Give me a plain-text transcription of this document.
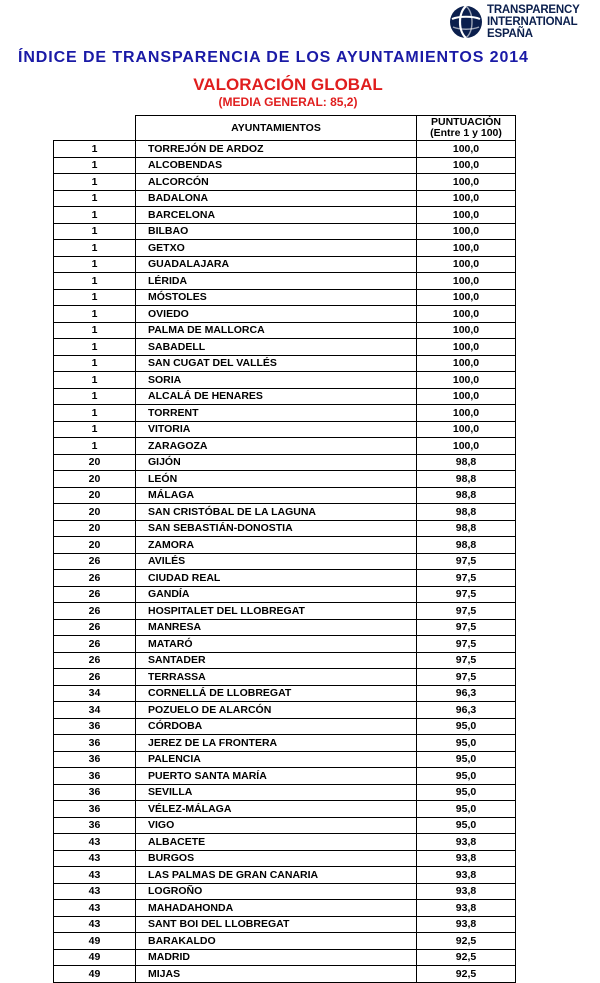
TRANSPARENCY
INTERNATIONAL
ESPAÑA
ÍNDICE DE TRANSPARENCIA DE LOS AYUNTAMIENTOS 2014
VALORACIÓN GLOBAL
(MEDIA GENERAL: 85,2)
	AYUNTAMIENTOS	PUNTUACIÓN
(Entre 1 y 100)

1	TORREJÓN DE ARDOZ	100,0
1	ALCOBENDAS	100,0
1	ALCORCÓN	100,0
1	BADALONA	100,0
1	BARCELONA	100,0
1	BILBAO	100,0
1	GETXO	100,0
1	GUADALAJARA	100,0
1	LÉRIDA	100,0
1	MÓSTOLES	100,0
1	OVIEDO	100,0
1	PALMA DE MALLORCA	100,0
1	SABADELL	100,0
1	SAN CUGAT DEL VALLÉS	100,0
1	SORIA	100,0
1	ALCALÁ DE HENARES	100,0
1	TORRENT	100,0
1	VITORIA	100,0
1	ZARAGOZA	100,0
20	GIJÓN	98,8
20	LEÓN	98,8
20	MÁLAGA	98,8
20	SAN CRISTÓBAL DE LA LAGUNA	98,8
20	SAN SEBASTIÁN-DONOSTIA	98,8
20	ZAMORA	98,8
26	AVILÉS	97,5
26	CIUDAD REAL	97,5
26	GANDÍA	97,5
26	HOSPITALET DEL LLOBREGAT	97,5
26	MANRESA	97,5
26	MATARÓ	97,5
26	SANTADER	97,5
26	TERRASSA	97,5
34	CORNELLÁ DE LLOBREGAT	96,3
34	POZUELO DE ALARCÓN	96,3
36	CÓRDOBA	95,0
36	JEREZ DE LA FRONTERA	95,0
36	PALENCIA	95,0
36	PUERTO SANTA MARÍA	95,0
36	SEVILLA	95,0
36	VÉLEZ-MÁLAGA	95,0
36	VIGO	95,0
43	ALBACETE	93,8
43	BURGOS	93,8
43	LAS PALMAS DE GRAN CANARIA	93,8
43	LOGROÑO	93,8
43	MAHADAHONDA	93,8
43	SANT BOI DEL LLOBREGAT	93,8
49	BARAKALDO	92,5
49	MADRID	92,5
49	MIJAS	92,5
